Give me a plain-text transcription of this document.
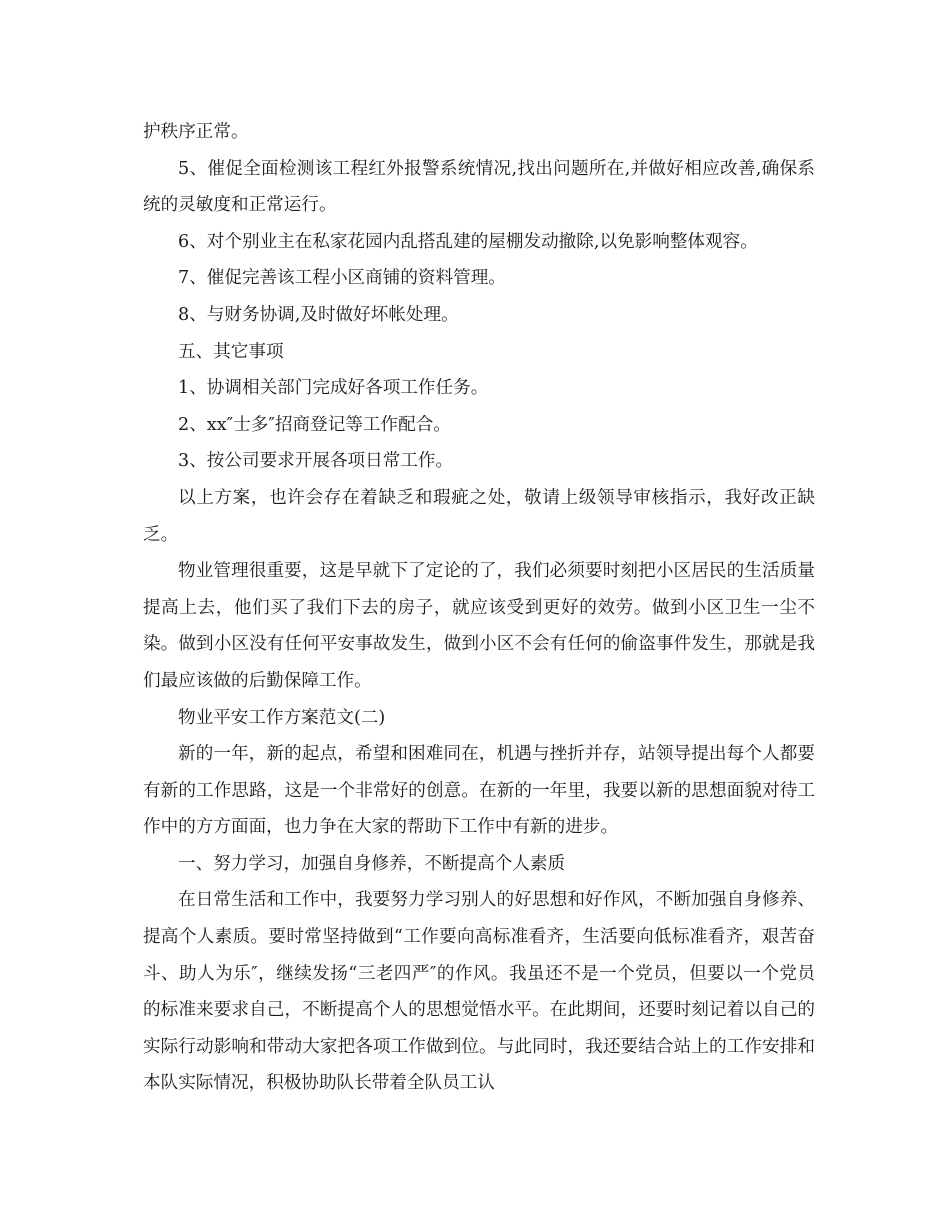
护秩序正常。

5、催促全面检测该工程红外报警系统情况,找出问题所在,并做好相应改善,确保系统的灵敏度和正常运行。

6、对个别业主在私家花园内乱搭乱建的屋棚发动撤除,以免影响整体观容。

7、催促完善该工程小区商铺的资料管理。

8、与财务协调,及时做好坏帐处理。

五、其它事项

1、协调相关部门完成好各项工作任务。

2、xx″士多″招商登记等工作配合。

3、按公司要求开展各项日常工作。

以上方案，也许会存在着缺乏和瑕疵之处，敬请上级领导审核指示，我好改正缺乏。

物业管理很重要，这是早就下了定论的了，我们必须要时刻把小区居民的生活质量提高上去，他们买了我们下去的房子，就应该受到更好的效劳。做到小区卫生一尘不染。做到小区没有任何平安事故发生，做到小区不会有任何的偷盗事件发生，那就是我们最应该做的后勤保障工作。

物业平安工作方案范文(二)

新的一年，新的起点，希望和困难同在，机遇与挫折并存，站领导提出每个人都要有新的工作思路，这是一个非常好的创意。在新的一年里，我要以新的思想面貌对待工作中的方方面面，也力争在大家的帮助下工作中有新的进步。

一、努力学习，加强自身修养，不断提高个人素质

在日常生活和工作中，我要努力学习别人的好思想和好作风，不断加强自身修养、提高个人素质。要时常坚持做到“工作要向高标准看齐，生活要向低标准看齐，艰苦奋斗、助人为乐″，继续发扬“三老四严″的作风。我虽还不是一个党员，但要以一个党员的标准来要求自己，不断提高个人的思想觉悟水平。在此期间，还要时刻记着以自己的实际行动影响和带动大家把各项工作做到位。与此同时，我还要结合站上的工作安排和本队实际情况，积极协助队长带着全队员工认
